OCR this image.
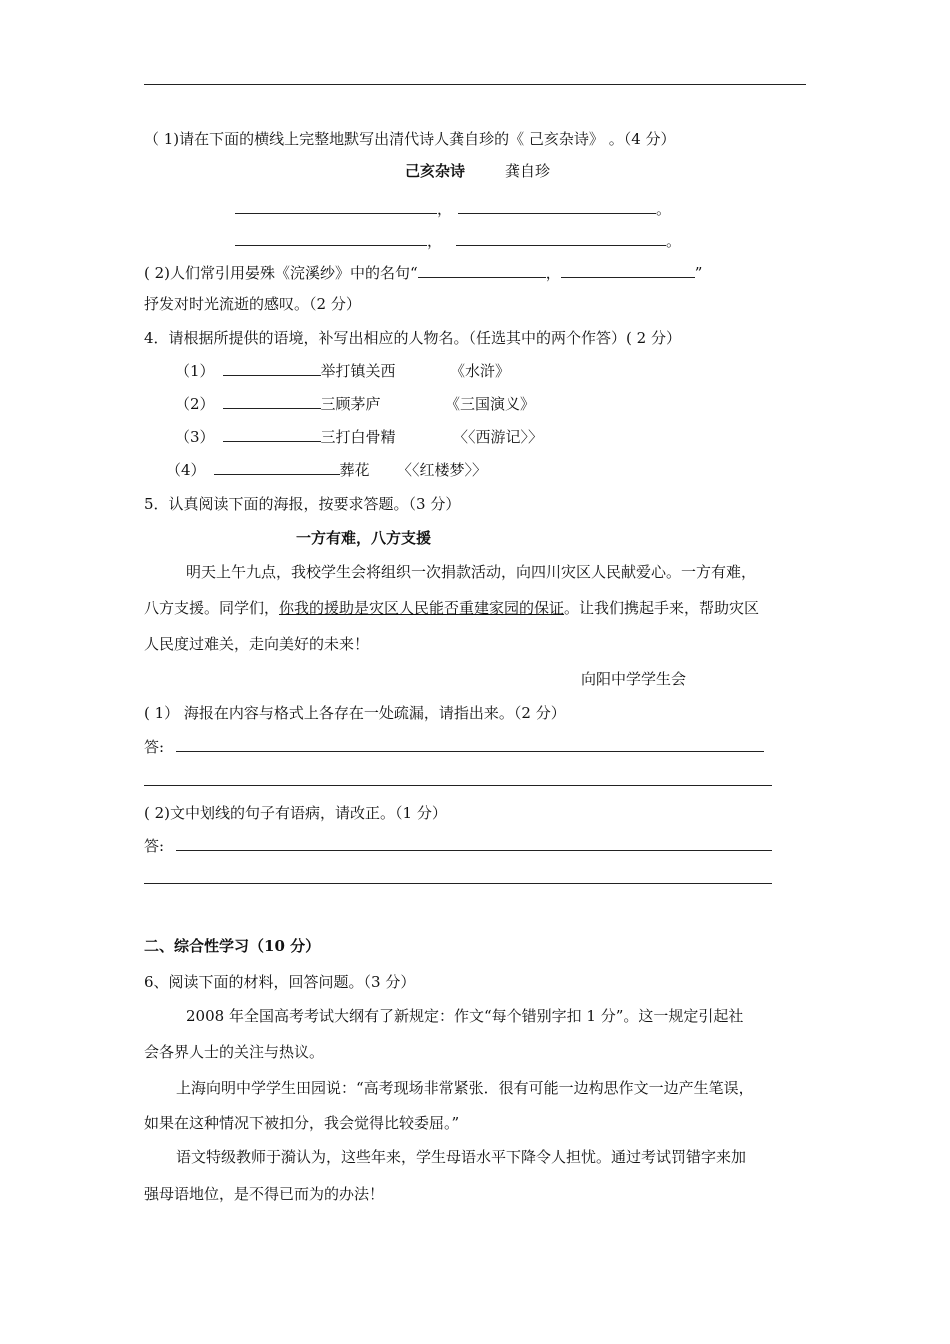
（ 1)请在下面的横线上完整地默写出清代诗人龚自珍的《 己亥杂诗》 。（4 分）
己亥杂诗	龚自珍
，	。
，	。
( 2)人们常引用晏殊《浣溪纱》中的名句“	，	”
抒发对时光流逝的感叹。（2 分）
4．请根据所提供的语境，补写出相应的人物名。（任选其中的两个作答）( 2 分）
（1）	举打镇关西	《水浒》
（2）	三顾茅庐	《三国演义》
（3）	三打白骨精	〈〈西游记〉〉
（4）	葬花 〈〈红楼梦〉〉
5．认真阅读下面的海报，按要求答题。（3 分）
一方有难，八方支援
明天上午九点，我校学生会将组织一次捐款活动，向四川灾区人民献爱心。一方有难，
八方支援。同学们，你我的援助是灾区人民能否重建家园的保证。让我们携起手来，帮助灾区
人民度过难关，走向美好的未来！
向阳中学学生会
( 1） 海报在内容与格式上各存在一处疏漏，请指出来。（2 分）
答:
( 2)文中划线的句子有语病，请改正。（1 分）
答:
二、综合性学习（10 分）
6、阅读下面的材料，回答问题。（3 分）
2008 年全国高考考试大纲有了新规定：作文“每个错别字扣 1 分”。这一规定引起社
会各界人士的关注与热议。
上海向明中学学生田园说：“高考现场非常紧张．很有可能一边构思作文一边产生笔误，
如果在这种情况下被扣分，我会觉得比较委屈。”
语文特级教师于漪认为，这些年来，学生母语水平下降令人担忧。通过考试罚错字来加
强母语地位，是不得已而为的办法！
